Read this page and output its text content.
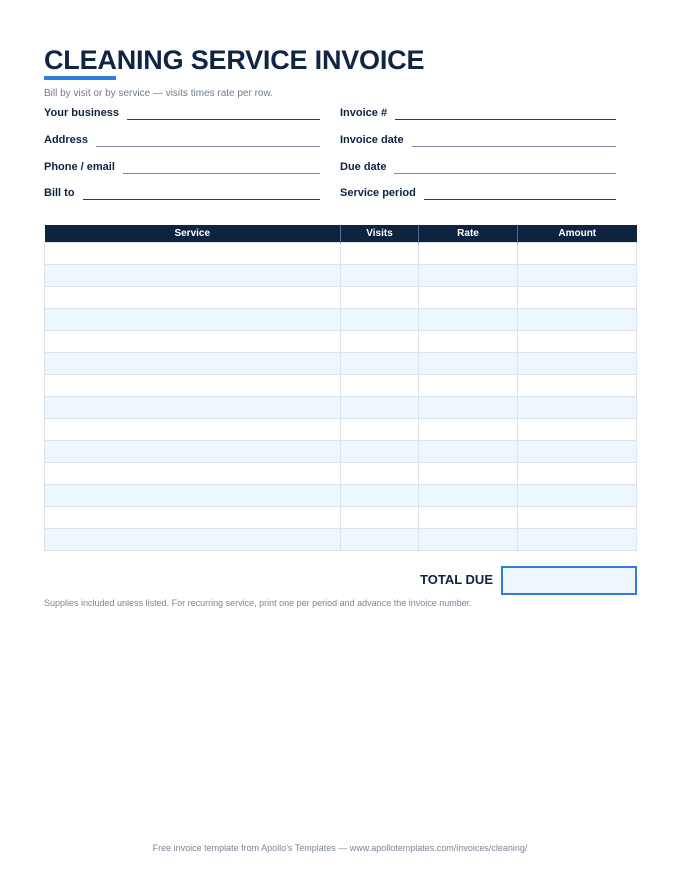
CLEANING SERVICE INVOICE
Bill by visit or by service — visits times rate per row.
Your business
Address
Phone / email
Bill to
Invoice #
Invoice date
Due date
Service period
Service	Visits	Rate	Amount

TOTAL DUE
Supplies included unless listed. For recurring service, print one per period and advance the invoice number.
Free invoice template from Apollo's Templates — www.apollotemplates.com/invoices/cleaning/
